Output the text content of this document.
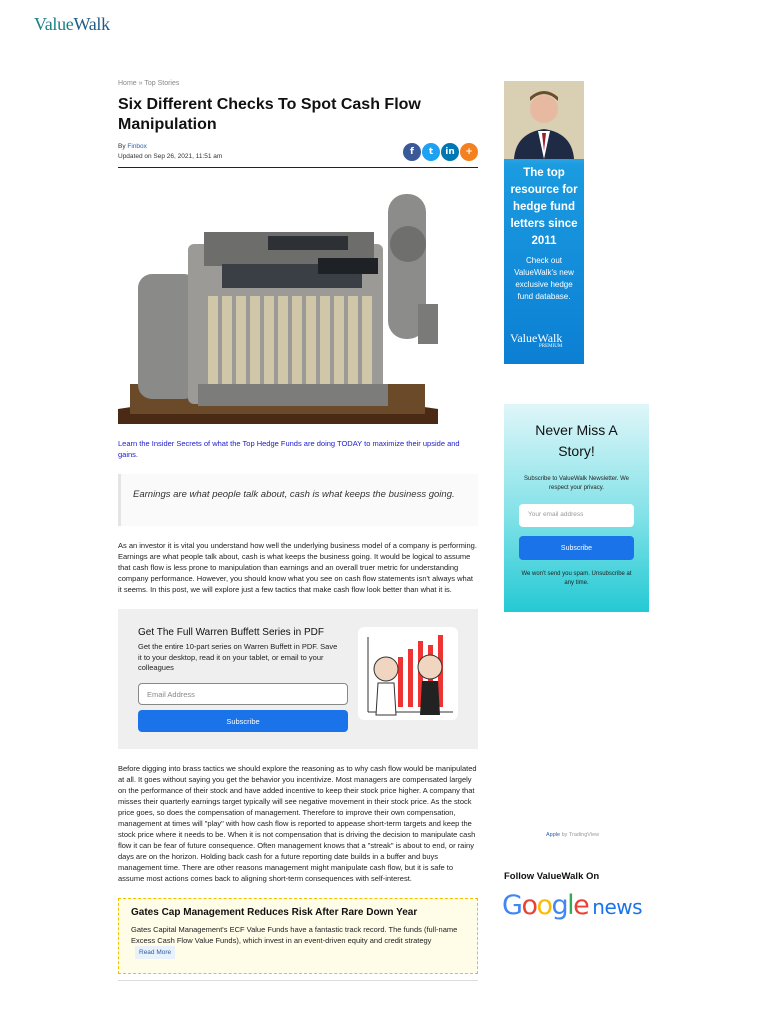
ValueWalk
Home » Top Stories
Six Different Checks To Spot Cash Flow Manipulation
By Finbox
Updated on Sep 26, 2021, 11:51 am	f	t	in	+
Learn the Insider Secrets of what the Top Hedge Funds are doing TODAY to maximize their upside and gains.
Earnings are what people talk about, cash is what keeps the business going.
As an investor it is vital you understand how well the underlying business model of a company is performing. Earnings are what people talk about, cash is what keeps the business going. It would be logical to assume that cash flow is less prone to manipulation than earnings and an overall truer metric for understanding company performance. However, you should know what you see on cash flow statements isn't always what it seems. In this post, we will explore just a few tactics that make cash flow look better than what it is.
Get The Full Warren Buffett Series in PDF

Get the entire 10-part series on Warren Buffett in PDF. Save it to your desktop, read it on your tablet, or email to your colleagues

Email Address
Subscribe
Before digging into brass tactics we should explore the reasoning as to why cash flow would be manipulated at all. It goes without saying you get the behavior you incentivize. Most managers are compensated largely on the performance of their stock and have added incentive to keep their stock price higher. A company that misses their quarterly earnings target typically will see negative movement in their stock price. As the stock price goes, so does the compensation of management. Therefore to improve their own compensation, management at times will "play" with how cash flow is reported to appease short-term targets and keep the stock price where it needs to be. When it is not compensation that is driving the decision to manipulate cash flow it can be fear of future consequence. Often management knows that a "streak" is about to end, or rainy days are on the horizon. Holding back cash for a future reporting date builds in a buffer and buys management time. There are other reasons management might manipulate cash flow, but it is safe to assume most actions comes back to aligning short-term consequences with self-interest.
Gates Cap Management Reduces Risk After Rare Down Year

Gates Capital Management's ECF Value Funds have a fantastic track record. The funds (full-name Excess Cash Flow Value Funds), which invest in an event-driven equity and credit strategyRead More

The top resource for hedge fund letters since 2011
Check out ValueWalk's new exclusive hedge fund database.
ValueWalk
PREMIUM
Never Miss A Story!
Subscribe to ValueWalk Newsletter. We respect your privacy.
Your email address
Subscribe
We won't send you spam. Unsubscribe at any time.
Apple by TradingView
Follow ValueWalk On
Google news
